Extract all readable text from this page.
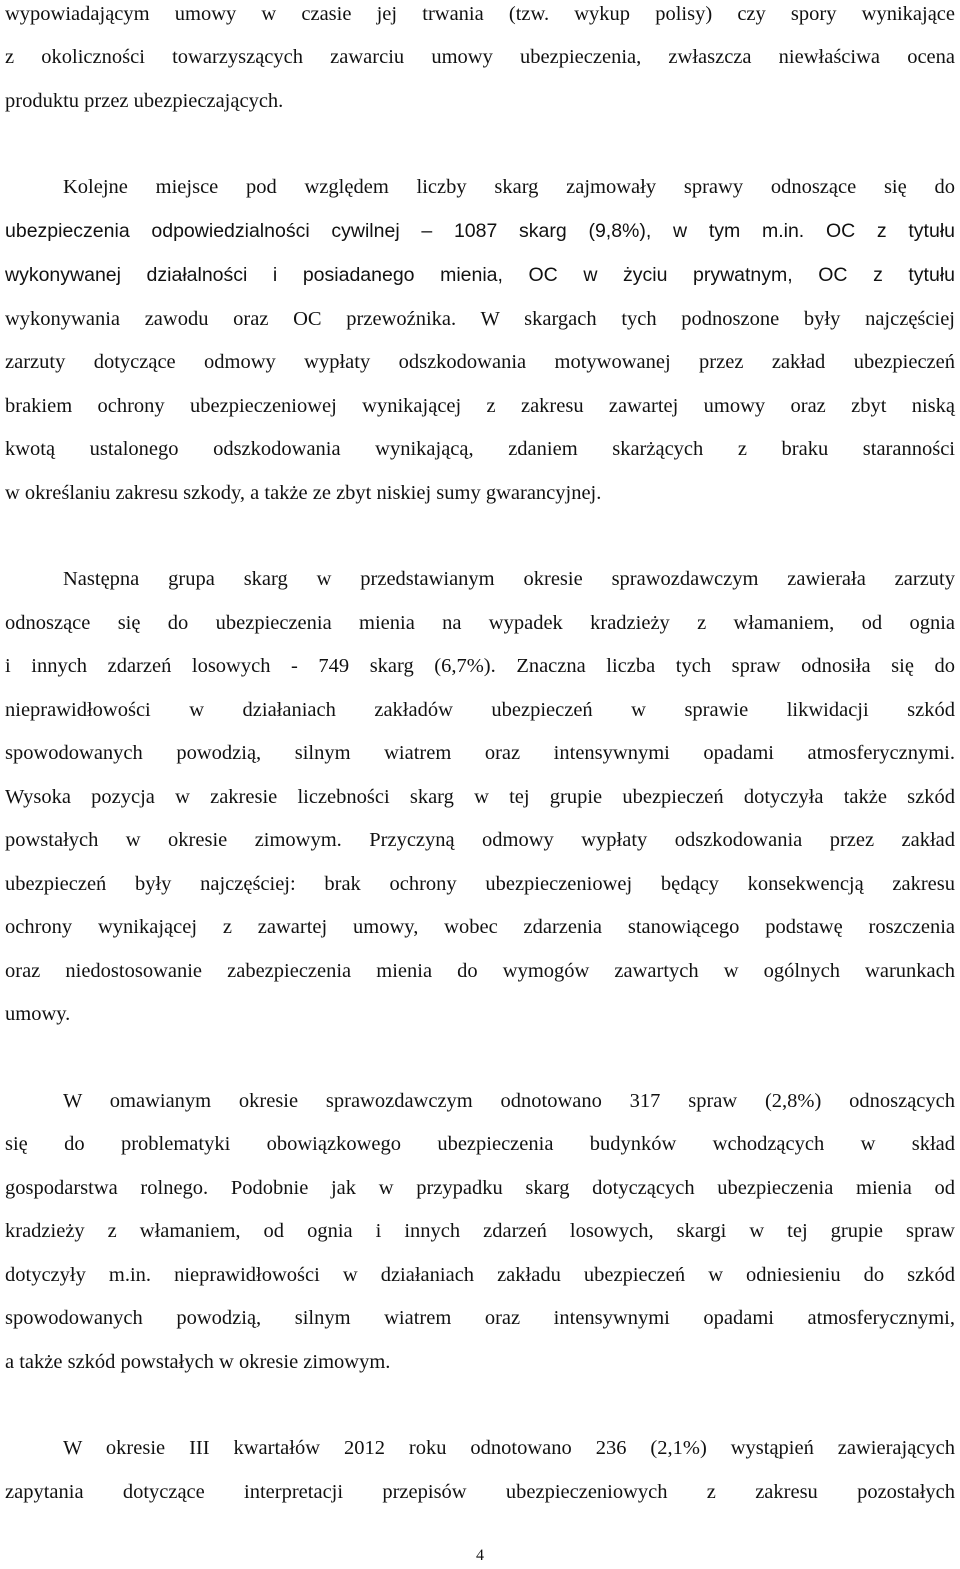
wypowiadającym umowy w czasie jej trwania (tzw. wykup polisy) czy spory wynikające

z okoliczności towarzyszących zawarciu umowy ubezpieczenia, zwłaszcza niewłaściwa ocena

produktu przez ubezpieczających.

Kolejne miejsce pod względem liczby skarg zajmowały sprawy odnoszące się do

ubezpieczenia odpowiedzialności cywilnej – 1087 skarg (9,8%), w tym m.in. OC z tytułu

wykonywanej działalności i posiadanego mienia, OC w życiu prywatnym, OC z tytułu

wykonywania zawodu oraz OC przewoźnika. W skargach tych podnoszone były najczęściej

zarzuty dotyczące odmowy wypłaty odszkodowania motywowanej przez zakład ubezpieczeń

brakiem ochrony ubezpieczeniowej wynikającej z zakresu zawartej umowy oraz zbyt niską

kwotą ustalonego odszkodowania wynikającą, zdaniem skarżących z braku staranności

w określaniu zakresu szkody, a także ze zbyt niskiej sumy gwarancyjnej.

Następna grupa skarg w przedstawianym okresie sprawozdawczym zawierała zarzuty

odnoszące się do ubezpieczenia mienia na wypadek kradzieży z włamaniem, od ognia

i innych zdarzeń losowych - 749 skarg (6,7%). Znaczna liczba tych spraw odnosiła się do

nieprawidłowości w działaniach zakładów ubezpieczeń w sprawie likwidacji szkód

spowodowanych powodzią, silnym wiatrem oraz intensywnymi opadami atmosferycznymi.

Wysoka pozycja w zakresie liczebności skarg w tej grupie ubezpieczeń dotyczyła także szkód

powstałych w okresie zimowym. Przyczyną odmowy wypłaty odszkodowania przez zakład

ubezpieczeń były najczęściej: brak ochrony ubezpieczeniowej będący konsekwencją zakresu

ochrony wynikającej z zawartej umowy, wobec zdarzenia stanowiącego podstawę roszczenia

oraz niedostosowanie zabezpieczenia mienia do wymogów zawartych w ogólnych warunkach

umowy.

W omawianym okresie sprawozdawczym odnotowano 317 spraw (2,8%) odnoszących

się do problematyki obowiązkowego ubezpieczenia budynków wchodzących w skład

gospodarstwa rolnego. Podobnie jak w przypadku skarg dotyczących ubezpieczenia mienia od

kradzieży z włamaniem, od ognia i innych zdarzeń losowych, skargi w tej grupie spraw

dotyczyły m.in. nieprawidłowości w działaniach zakładu ubezpieczeń w odniesieniu do szkód

spowodowanych powodzią, silnym wiatrem oraz intensywnymi opadami atmosferycznymi,

a także szkód powstałych w okresie zimowym.

W okresie III kwartałów 2012 roku odnotowano 236 (2,1%) wystąpień zawierających

zapytania dotyczące interpretacji przepisów ubezpieczeniowych z zakresu pozostałych

4
